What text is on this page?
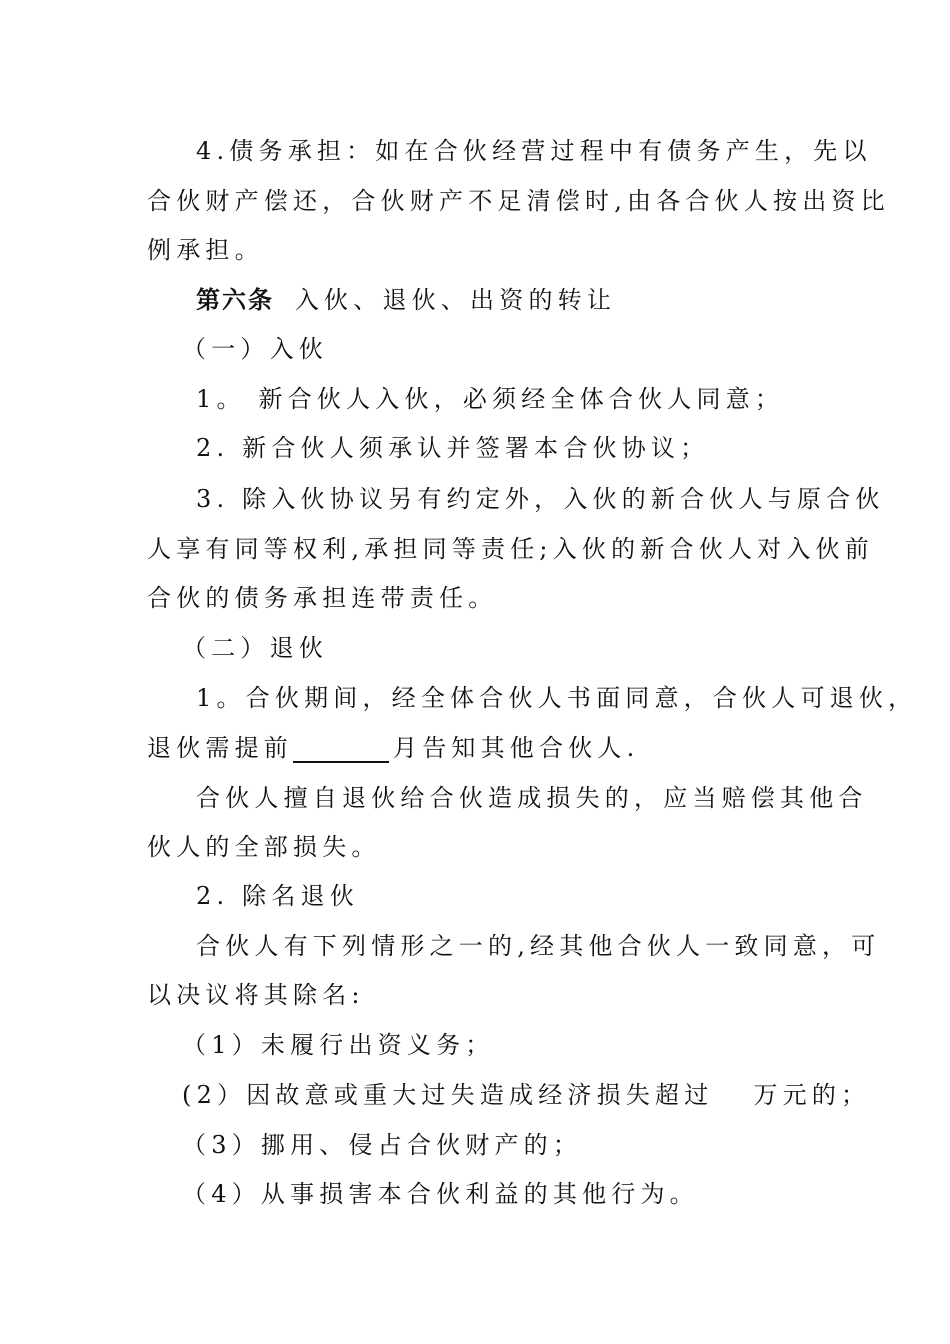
4.债务承担：如在合伙经营过程中有债务产生，先以
合伙财产偿还，合伙财产不足清偿时,由各合伙人按出资比
例承担。
第六条 入伙、退伙、出资的转让
（一）入伙
1。 新合伙人入伙，必须经全体合伙人同意；
2. 新合伙人须承认并签署本合伙协议；
3. 除入伙协议另有约定外，入伙的新合伙人与原合伙
人享有同等权利,承担同等责任;入伙的新合伙人对入伙前
合伙的债务承担连带责任。
（二）退伙
1。合伙期间，经全体合伙人书面同意，合伙人可退伙，
退伙需提前	月告知其他合伙人.
合伙人擅自退伙给合伙造成损失的，应当赔偿其他合
伙人的全部损失。
2. 除名退伙
合伙人有下列情形之一的,经其他合伙人一致同意，可
以决议将其除名:
（1）未履行出资义务；
(2）因故意或重大过失造成经济损失超过 万元的；
（3）挪用、侵占合伙财产的；
（4）从事损害本合伙利益的其他行为。
